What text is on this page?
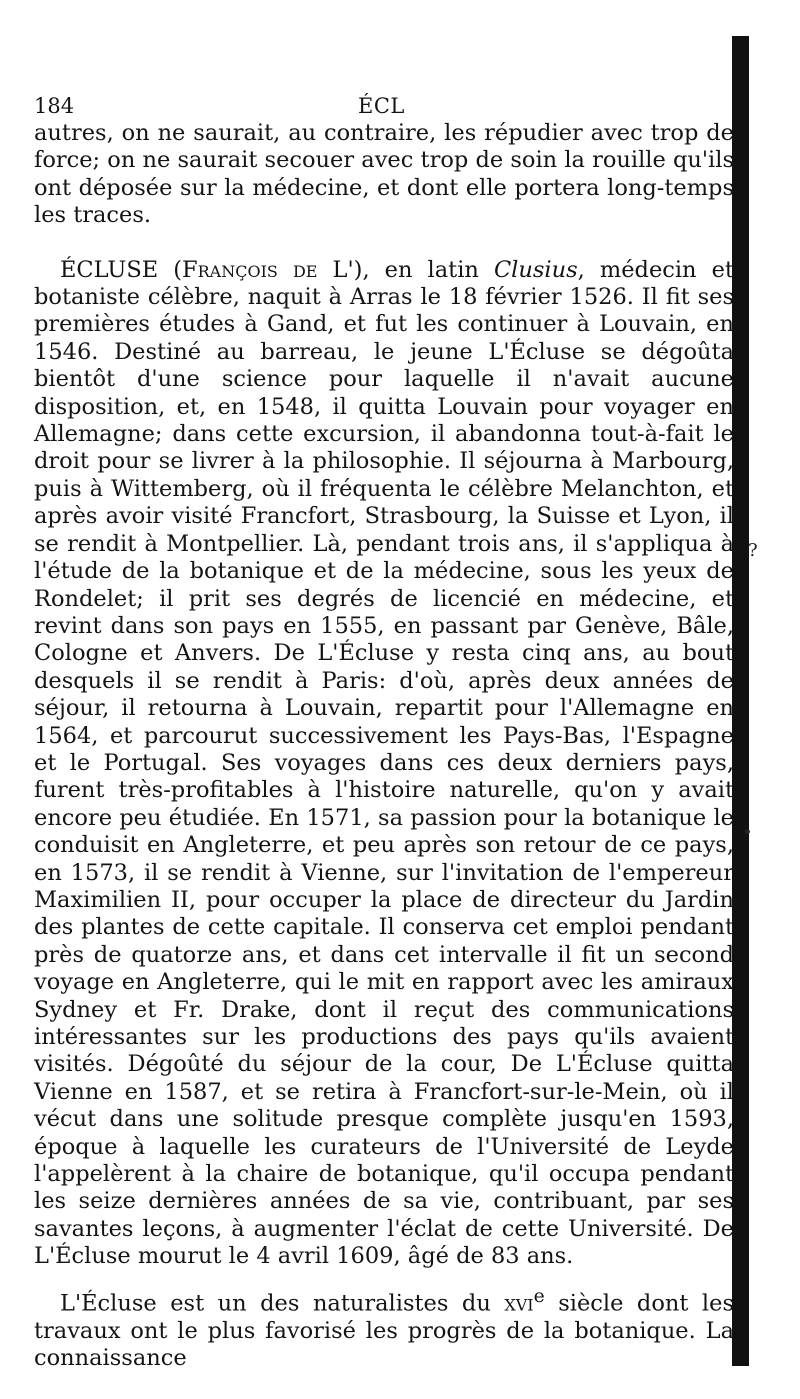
?
•
184	ÉCL

autres, on ne saurait, au contraire, les répudier avec trop de force; on ne saurait secouer avec trop de soin la rouille qu'ils ont déposée sur la médecine, et dont elle portera long-temps les traces.

ÉCLUSE (François de L'), en latin Clusius, médecin et botaniste célèbre, naquit à Arras le 18 février 1526. Il fit ses premières études à Gand, et fut les continuer à Louvain, en 1546. Destiné au barreau, le jeune L'Écluse se dégoûta bientôt d'une science pour laquelle il n'avait aucune disposition, et, en 1548, il quitta Louvain pour voyager en Allemagne; dans cette excursion, il abandonna tout-à-fait le droit pour se livrer à la philosophie. Il séjourna à Marbourg, puis à Wittemberg, où il fréquenta le célèbre Melanchton, et après avoir visité Francfort, Strasbourg, la Suisse et Lyon, il se rendit à Montpellier. Là, pendant trois ans, il s'appliqua à l'étude de la botanique et de la médecine, sous les yeux de Rondelet; il prit ses degrés de licencié en médecine, et revint dans son pays en 1555, en passant par Genève, Bâle, Cologne et Anvers. De L'Écluse y resta cinq ans, au bout desquels il se rendit à Paris: d'où, après deux années de séjour, il retourna à Louvain, repartit pour l'Allemagne en 1564, et parcourut successivement les Pays-Bas, l'Espagne et le Portugal. Ses voyages dans ces deux derniers pays, furent très-profitables à l'histoire naturelle, qu'on y avait encore peu étudiée. En 1571, sa passion pour la botanique le conduisit en Angleterre, et peu après son retour de ce pays, en 1573, il se rendit à Vienne, sur l'invitation de l'empereur Maximilien II, pour occuper la place de directeur du Jardin des plantes de cette capitale. Il conserva cet emploi pendant près de quatorze ans, et dans cet intervalle il fit un second voyage en Angleterre, qui le mit en rapport avec les amiraux Sydney et Fr. Drake, dont il reçut des communications intéressantes sur les productions des pays qu'ils avaient visités. Dégoûté du séjour de la cour, De L'Écluse quitta Vienne en 1587, et se retira à Francfort-sur-le-Mein, où il vécut dans une solitude presque complète jusqu'en 1593, époque à laquelle les curateurs de l'Université de Leyde l'appelèrent à la chaire de botanique, qu'il occupa pendant les seize dernières années de sa vie, contribuant, par ses savantes leçons, à augmenter l'éclat de cette Université. De L'Écluse mourut le 4 avril 1609, âgé de 83 ans.

L'Écluse est un des naturalistes du xvi$^e$ siècle dont les travaux ont le plus favorisé les progrès de la botanique. La connaissance
